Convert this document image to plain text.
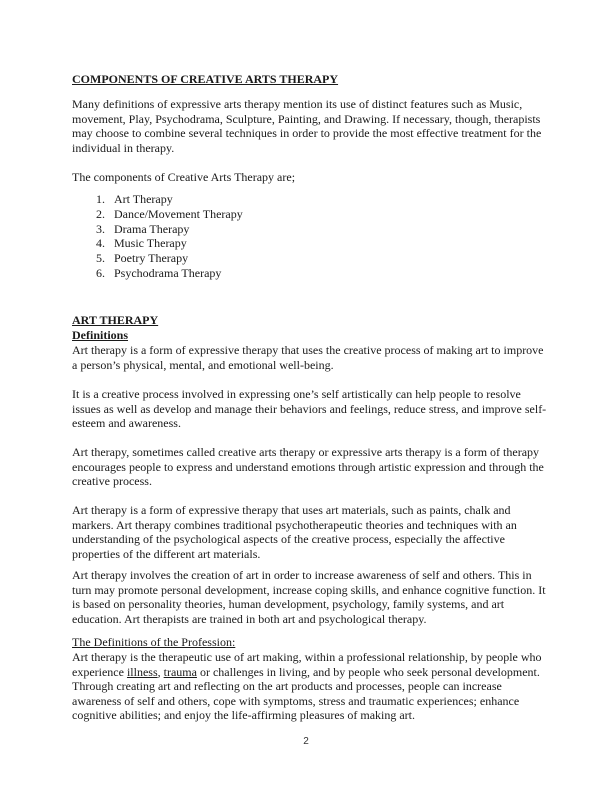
COMPONENTS OF CREATIVE ARTS THERAPY
Many definitions of expressive arts therapy mention its use of distinct features such as Music, movement, Play, Psychodrama, Sculpture, Painting, and Drawing. If necessary, though, therapists may choose to combine several techniques in order to provide the most effective treatment for the individual in therapy.
The components of Creative Arts Therapy are;
1. Art Therapy
2. Dance/Movement Therapy
3. Drama Therapy
4. Music Therapy
5. Poetry Therapy
6. Psychodrama Therapy
ART THERAPY
Definitions
Art therapy is a form of expressive therapy that uses the creative process of making art to improve a person’s physical, mental, and emotional well-being.
It is a creative process involved in expressing one’s self artistically can help people to resolve issues as well as develop and manage their behaviors and feelings, reduce stress, and improve self-esteem and awareness.
Art therapy, sometimes called creative arts therapy or expressive arts therapy is a form of therapy encourages people to express and understand emotions through artistic expression and through the creative process.
Art therapy is a form of expressive therapy that uses art materials, such as paints, chalk and markers. Art therapy combines traditional psychotherapeutic theories and techniques with an understanding of the psychological aspects of the creative process, especially the affective properties of the different art materials.
Art therapy involves the creation of art in order to increase awareness of self and others. This in turn may promote personal development, increase coping skills, and enhance cognitive function. It is based on personality theories, human development, psychology, family systems, and art education. Art therapists are trained in both art and psychological therapy.
The Definitions of the Profession:
Art therapy is the therapeutic use of art making, within a professional relationship, by people who experience illness, trauma or challenges in living, and by people who seek personal development. Through creating art and reflecting on the art products and processes, people can increase awareness of self and others, cope with symptoms, stress and traumatic experiences; enhance cognitive abilities; and enjoy the life-affirming pleasures of making art.
2
